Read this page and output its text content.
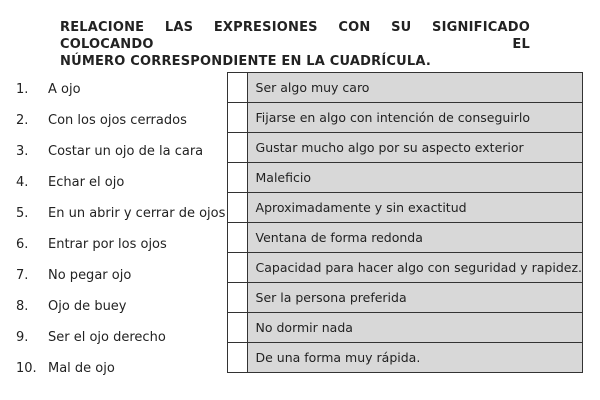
RELACIONE LAS EXPRESIONES CON SU SIGNIFICADO COLOCANDO EL
NÚMERO CORRESPONDIENTE EN LA CUADRÍCULA.
1.	A ojo
2.	Con los ojos cerrados
3.	Costar un ojo de la cara
4.	Echar el ojo
5.	En un abrir y cerrar de ojos
6.	Entrar por los ojos
7.	No pegar ojo
8.	Ojo de buey
9.	Ser el ojo derecho
10. Mal de ojo
	Ser algo muy caro
	Fijarse en algo con intención de conseguirlo
	Gustar mucho algo por su aspecto exterior
	Maleficio
	Aproximadamente y sin exactitud
	Ventana de forma redonda
	Capacidad para hacer algo con seguridad y rapidez.
	Ser la persona preferida
	No dormir nada
	De una forma muy rápida.
